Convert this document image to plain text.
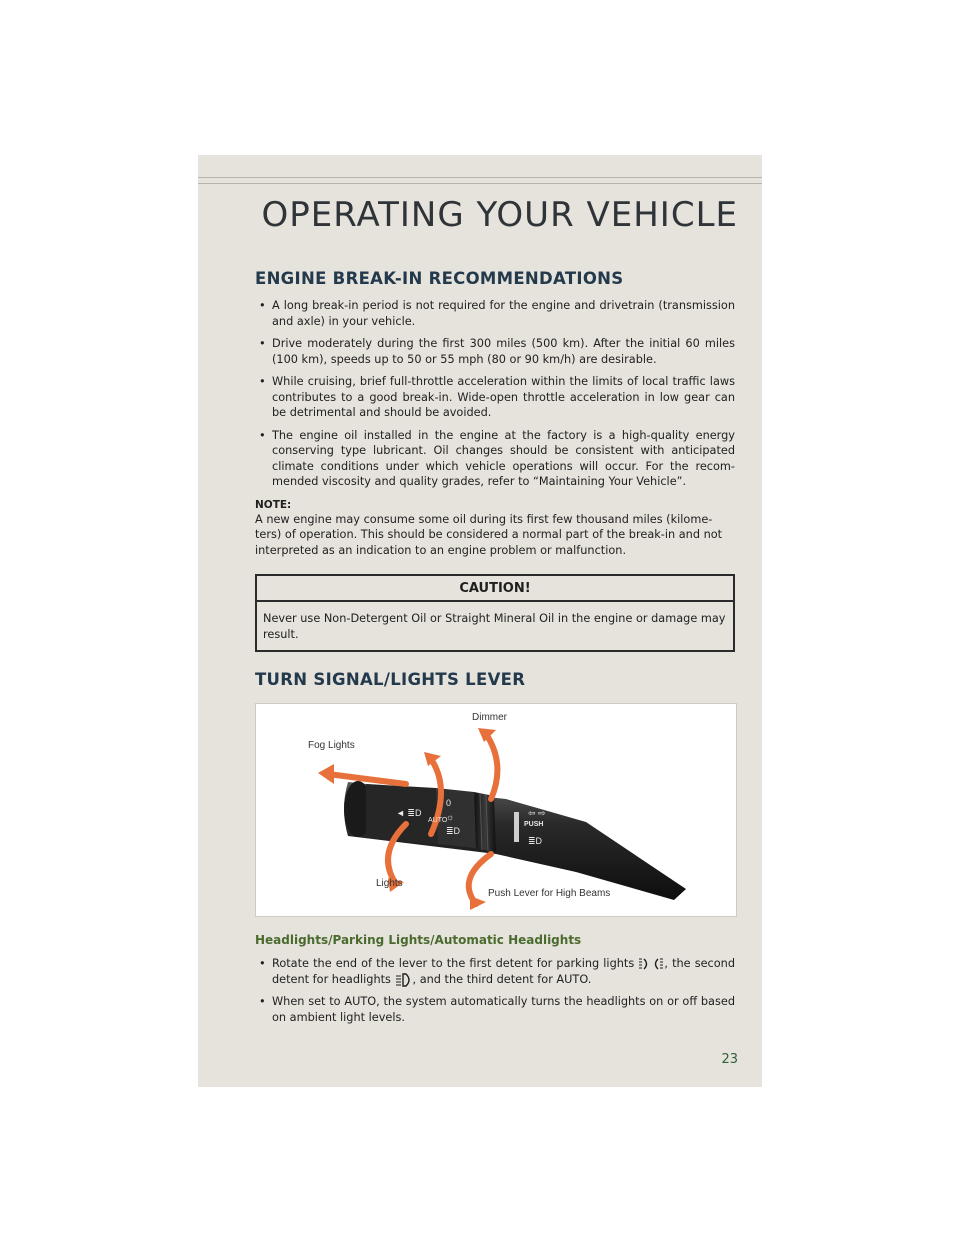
OPERATING YOUR VEHICLE
ENGINE BREAK-IN RECOMMENDATIONS
• A long break-in period is not required for the engine and drivetrain (transmission and axle) in your vehicle.
• Drive moderately during the first 300 miles (500 km). After the initial 60 miles (100 km), speeds up to 50 or 55 mph (80 or 90 km/h) are desirable.
• While cruising, brief full-throttle acceleration within the limits of local traffic laws contributes to a good break-in. Wide-open throttle acceleration in low gear can be detrimental and should be avoided.
• The engine oil installed in the engine at the factory is a high-quality energy conserving type lubricant. Oil changes should be consistent with anticipated climate conditions under which vehicle operations will occur. For the recom-mended viscosity and quality grades, refer to “Maintaining Your Vehicle”.
NOTE:

A new engine may consume some oil during its first few thousand miles (kilome-ters) of operation. This should be considered a normal part of the break-in and not interpreted as an indication to an engine problem or malfunction.

CAUTION!
Never use Non-Detergent Oil or Straight Mineral Oil in the engine or damage may result.
TURN SIGNAL/LIGHTS LEVER
◄ ≣D
0
☼
≣D
⇦ ⇨
≣D
Dimmer
Fog Lights
Lights
Push Lever for High Beams
AUTO
PUSH
Headlights/Parking Lights/Automatic Headlights
• Rotate the end of the lever to the first detent for parking lights	, the second detent for headlights , and the third detent for AUTO.
• When set to AUTO, the system automatically turns the headlights on or off based on ambient light levels.
23
